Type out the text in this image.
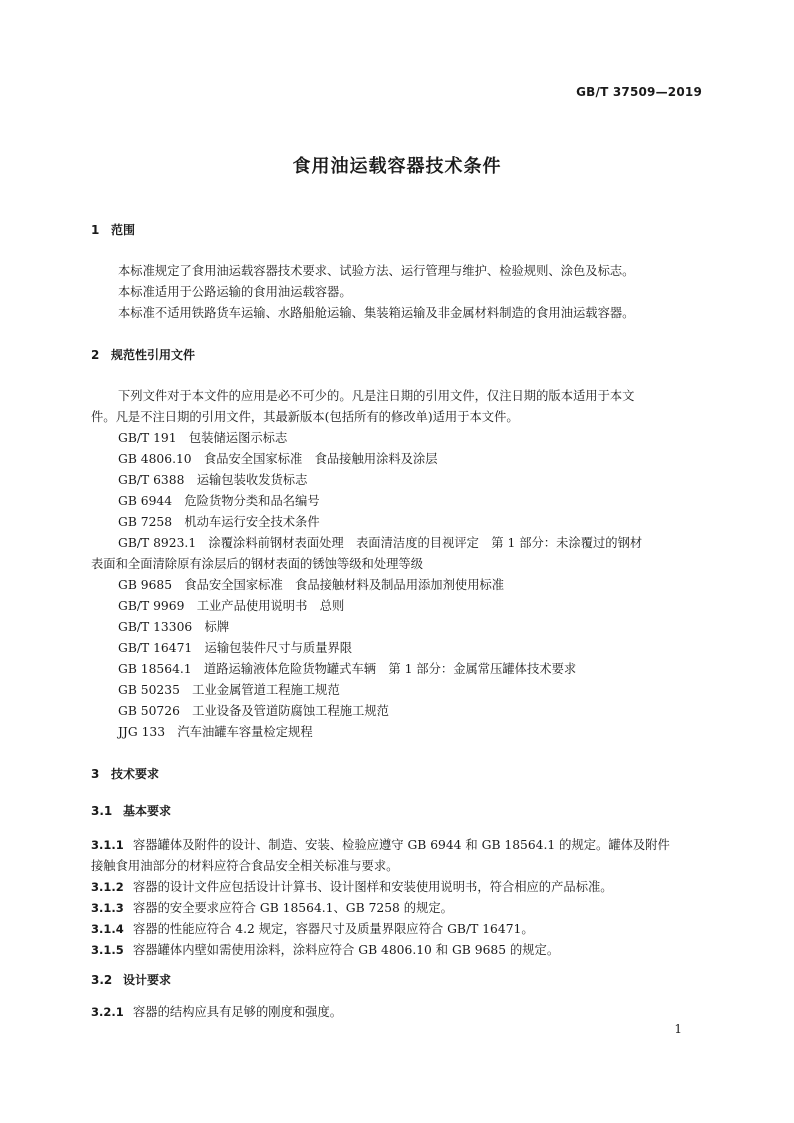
GB/T 37509—2019
食用油运载容器技术条件
1 范围
本标准规定了食用油运载容器技术要求、试验方法、运行管理与维护、检验规则、涂色及标志。
本标准适用于公路运输的食用油运载容器。
本标准不适用铁路货车运输、水路船舱运输、集装箱运输及非金属材料制造的食用油运载容器。
2 规范性引用文件
下列文件对于本文件的应用是必不可少的。凡是注日期的引用文件，仅注日期的版本适用于本文
件。凡是不注日期的引用文件，其最新版本(包括所有的修改单)适用于本文件。
GB/T 191　包装储运图示标志
GB 4806.10　食品安全国家标准　食品接触用涂料及涂层
GB/T 6388　运输包装收发货标志
GB 6944　危险货物分类和品名编号
GB 7258　机动车运行安全技术条件
GB/T 8923.1　涂覆涂料前钢材表面处理　表面清洁度的目视评定　第 1 部分：未涂覆过的钢材
表面和全面清除原有涂层后的钢材表面的锈蚀等级和处理等级
GB 9685　食品安全国家标准　食品接触材料及制品用添加剂使用标准
GB/T 9969　工业产品使用说明书　总则
GB/T 13306　标牌
GB/T 16471　运输包装件尺寸与质量界限
GB 18564.1　道路运输液体危险货物罐式车辆　第 1 部分：金属常压罐体技术要求
GB 50235　工业金属管道工程施工规范
GB 50726　工业设备及管道防腐蚀工程施工规范
JJG 133　汽车油罐车容量检定规程
3 技术要求
3.1 基本要求
3.1.1 容器罐体及附件的设计、制造、安装、检验应遵守 GB 6944 和 GB 18564.1 的规定。罐体及附件
接触食用油部分的材料应符合食品安全相关标准与要求。
3.1.2 容器的设计文件应包括设计计算书、设计图样和安装使用说明书，符合相应的产品标准。
3.1.3 容器的安全要求应符合 GB 18564.1、GB 7258 的规定。
3.1.4 容器的性能应符合 4.2 规定，容器尺寸及质量界限应符合 GB/T 16471。
3.1.5 容器罐体内壁如需使用涂料，涂料应符合 GB 4806.10 和 GB 9685 的规定。
3.2 设计要求
3.2.1 容器的结构应具有足够的刚度和强度。
1
